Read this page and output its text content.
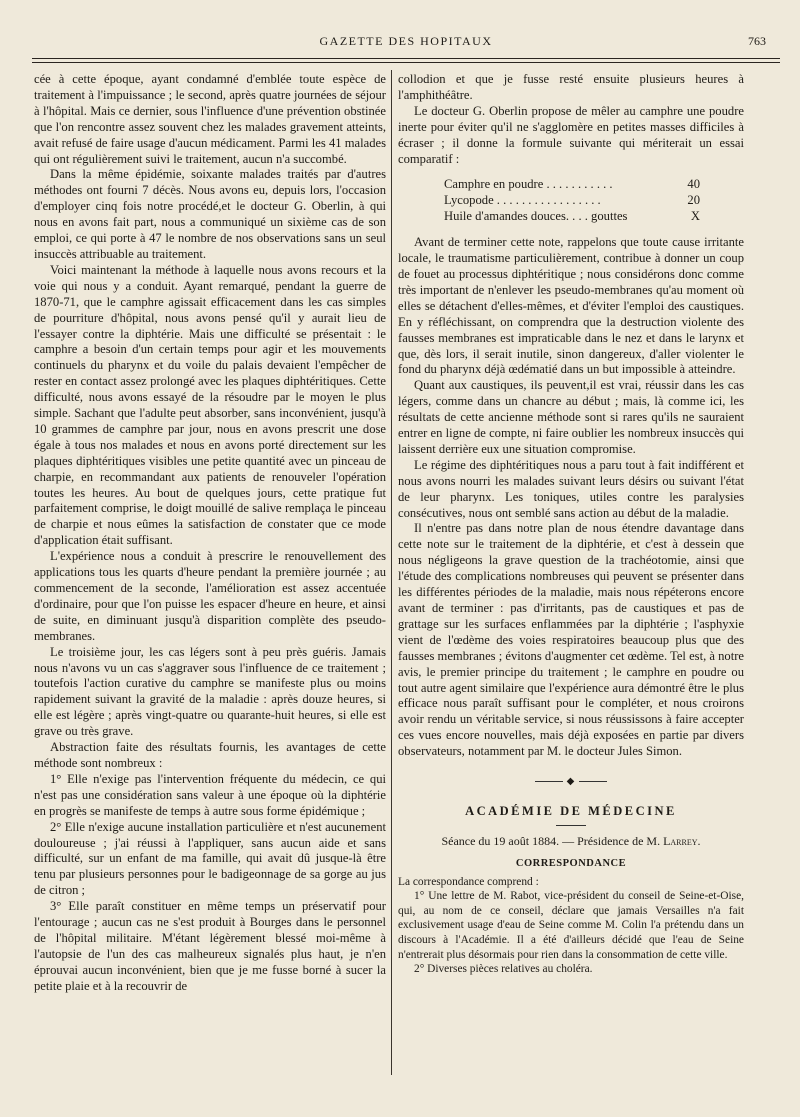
GAZETTE DES HOPITAUX	763

cée à cette époque, ayant condamné d'emblée toute espèce de traitement à l'impuissance ; le second, après quatre journées de séjour à l'hôpital. Mais ce dernier, sous l'influence d'une prévention obstinée que l'on rencontre assez souvent chez les malades gravement atteints, avait refusé de faire usage d'aucun médicament. Parmi les 41 malades qui ont régulièrement suivi le traitement, aucun n'a succombé.

Dans la même épidémie, soixante malades traités par d'autres méthodes ont fourni 7 décès. Nous avons eu, depuis lors, l'occasion d'employer cinq fois notre procédé,et le docteur G. Oberlin, à qui nous en avons fait part, nous a communiqué un sixième cas de son emploi, ce qui porte à 47 le nombre de nos observations sans un seul insuccès attribuable au traitement.

Voici maintenant la méthode à laquelle nous avons recours et la voie qui nous y a conduit. Ayant remarqué, pendant la guerre de 1870-71, que le camphre agissait efficacement dans les cas simples de pourriture d'hôpital, nous avons pensé qu'il y aurait lieu de l'essayer contre la diphtérie. Mais une difficulté se présentait : le camphre a besoin d'un certain temps pour agir et les mouvements continuels du pharynx et du voile du palais devaient l'empêcher de rester en contact assez prolongé avec les plaques diphtéritiques. Cette difficulté, nous avons essayé de la résoudre par le moyen le plus simple. Sachant que l'adulte peut absorber, sans inconvénient, jusqu'à 10 grammes de camphre par jour, nous en avons prescrit une dose égale à tous nos malades et nous en avons porté directement sur les plaques diphtéritiques visibles une petite quantité avec un pinceau de charpie, en recommandant aux patients de renouveler l'opération toutes les heures. Au bout de quelques jours, cette pratique fut parfaitement comprise, le doigt mouillé de salive remplaça le pinceau de charpie et nous eûmes la satisfaction de constater que ce mode d'application était suffisant.

L'expérience nous a conduit à prescrire le renouvellement des applications tous les quarts d'heure pendant la première journée ; au commencement de la seconde, l'amélioration est assez accentuée d'ordinaire, pour que l'on puisse les espacer d'heure en heure, et ainsi de suite, en diminuant jusqu'à disparition complète des pseudo-membranes.

Le troisième jour, les cas légers sont à peu près guéris. Jamais nous n'avons vu un cas s'aggraver sous l'influence de ce traitement ; toutefois l'action curative du camphre se manifeste plus ou moins rapidement suivant la gravité de la maladie : après douze heures, si elle est légère ; après vingt-quatre ou quarante-huit heures, si elle est grave ou très grave.

Abstraction faite des résultats fournis, les avantages de cette méthode sont nombreux :

1° Elle n'exige pas l'intervention fréquente du médecin, ce qui n'est pas une considération sans valeur à une époque où la diphtérie en progrès se manifeste de temps à autre sous forme épidémique ;

2° Elle n'exige aucune installation particulière et n'est aucunement douloureuse ; j'ai réussi à l'appliquer, sans aucun aide et sans difficulté, sur un enfant de ma famille, qui avait dû jusque-là être tenu par plusieurs personnes pour le badigeonnage de sa gorge au jus de citron ;

3° Elle paraît constituer en même temps un préservatif pour l'entourage ; aucun cas ne s'est produit à Bourges dans le personnel de l'hôpital militaire. M'étant légèrement blessé moi-même à l'autopsie de l'un des cas malheureux signalés plus haut, je n'en éprouvai aucun inconvénient, bien que je me fusse borné à sucer la petite plaie et à la recouvrir de

collodion et que je fusse resté ensuite plusieurs heures à l'amphithéâtre.

Le docteur G. Oberlin propose de mêler au camphre une poudre inerte pour éviter qu'il ne s'agglomère en petites masses difficiles à écraser ; il donne la formule suivante qui mériterait un essai comparatif :

Camphre en poudre . . . . . . . . . . .	40
Lycopode . . . . . . . . . . . . . . . . .	20
Huile d'amandes douces. . . . gouttes	X

Avant de terminer cette note, rappelons que toute cause irritante locale, le traumatisme particulièrement, contribue à donner un coup de fouet au processus diphtéritique ; nous considérons donc comme très important de n'enlever les pseudo-membranes qu'au moment où elles se détachent d'elles-mêmes, et d'éviter l'emploi des caustiques. En y réfléchissant, on comprendra que la destruction violente des fausses membranes est impraticable dans le nez et dans le larynx et que, dès lors, il serait inutile, sinon dangereux, d'aller violenter le fond du pharynx déjà œdématié dans un but impossible à atteindre.

Quant aux caustiques, ils peuvent,il est vrai, réussir dans les cas légers, comme dans un chancre au début ; mais, là comme ici, les résultats de cette ancienne méthode sont si rares qu'ils ne sauraient entrer en ligne de compte, ni faire oublier les nombreux insuccès qui laissent derrière eux une situation compromise.

Le régime des diphtéritiques nous a paru tout à fait indifférent et nous avons nourri les malades suivant leurs désirs ou suivant l'état de leur pharynx. Les toniques, utiles contre les paralysies consécutives, nous ont semblé sans action au début de la maladie.

Il n'entre pas dans notre plan de nous étendre davantage dans cette note sur le traitement de la diphtérie, et c'est à dessein que nous négligeons la grave question de la trachéotomie, ainsi que l'étude des complications nombreuses qui peuvent se présenter dans les différentes périodes de la maladie, mais nous répéterons encore avant de terminer : pas d'irritants, pas de caustiques et pas de grattage sur les surfaces enflammées par la diphtérie ; l'asphyxie vient de l'œdème des voies respiratoires beaucoup plus que des fausses membranes ; évitons d'augmenter cet œdème. Tel est, à notre avis, le premier principe du traitement ; le camphre en poudre ou tout autre agent similaire que l'expérience aura démontré être le plus efficace nous paraît suffisant pour le compléter, et nous croirons avoir rendu un véritable service, si nous réussissons à faire accepter ces vues encore nouvelles, mais déjà exposées en partie par divers observateurs, notamment par M. le docteur Jules Simon.

◆
ACADÉMIE DE MÉDECINE
Séance du 19 août 1884. — Présidence de M. Larrey.
CORRESPONDANCE

La correspondance comprend :

1° Une lettre de M. Rabot, vice-président du conseil de Seine-et-Oise, qui, au nom de ce conseil, déclare que jamais Versailles n'a fait exclusivement usage d'eau de Seine comme M. Colin l'a prétendu dans un discours à l'Académie. Il a été d'ailleurs décidé que l'eau de Seine n'entrerait plus désormais pour rien dans la consommation de cette ville.

2° Diverses pièces relatives au choléra.
